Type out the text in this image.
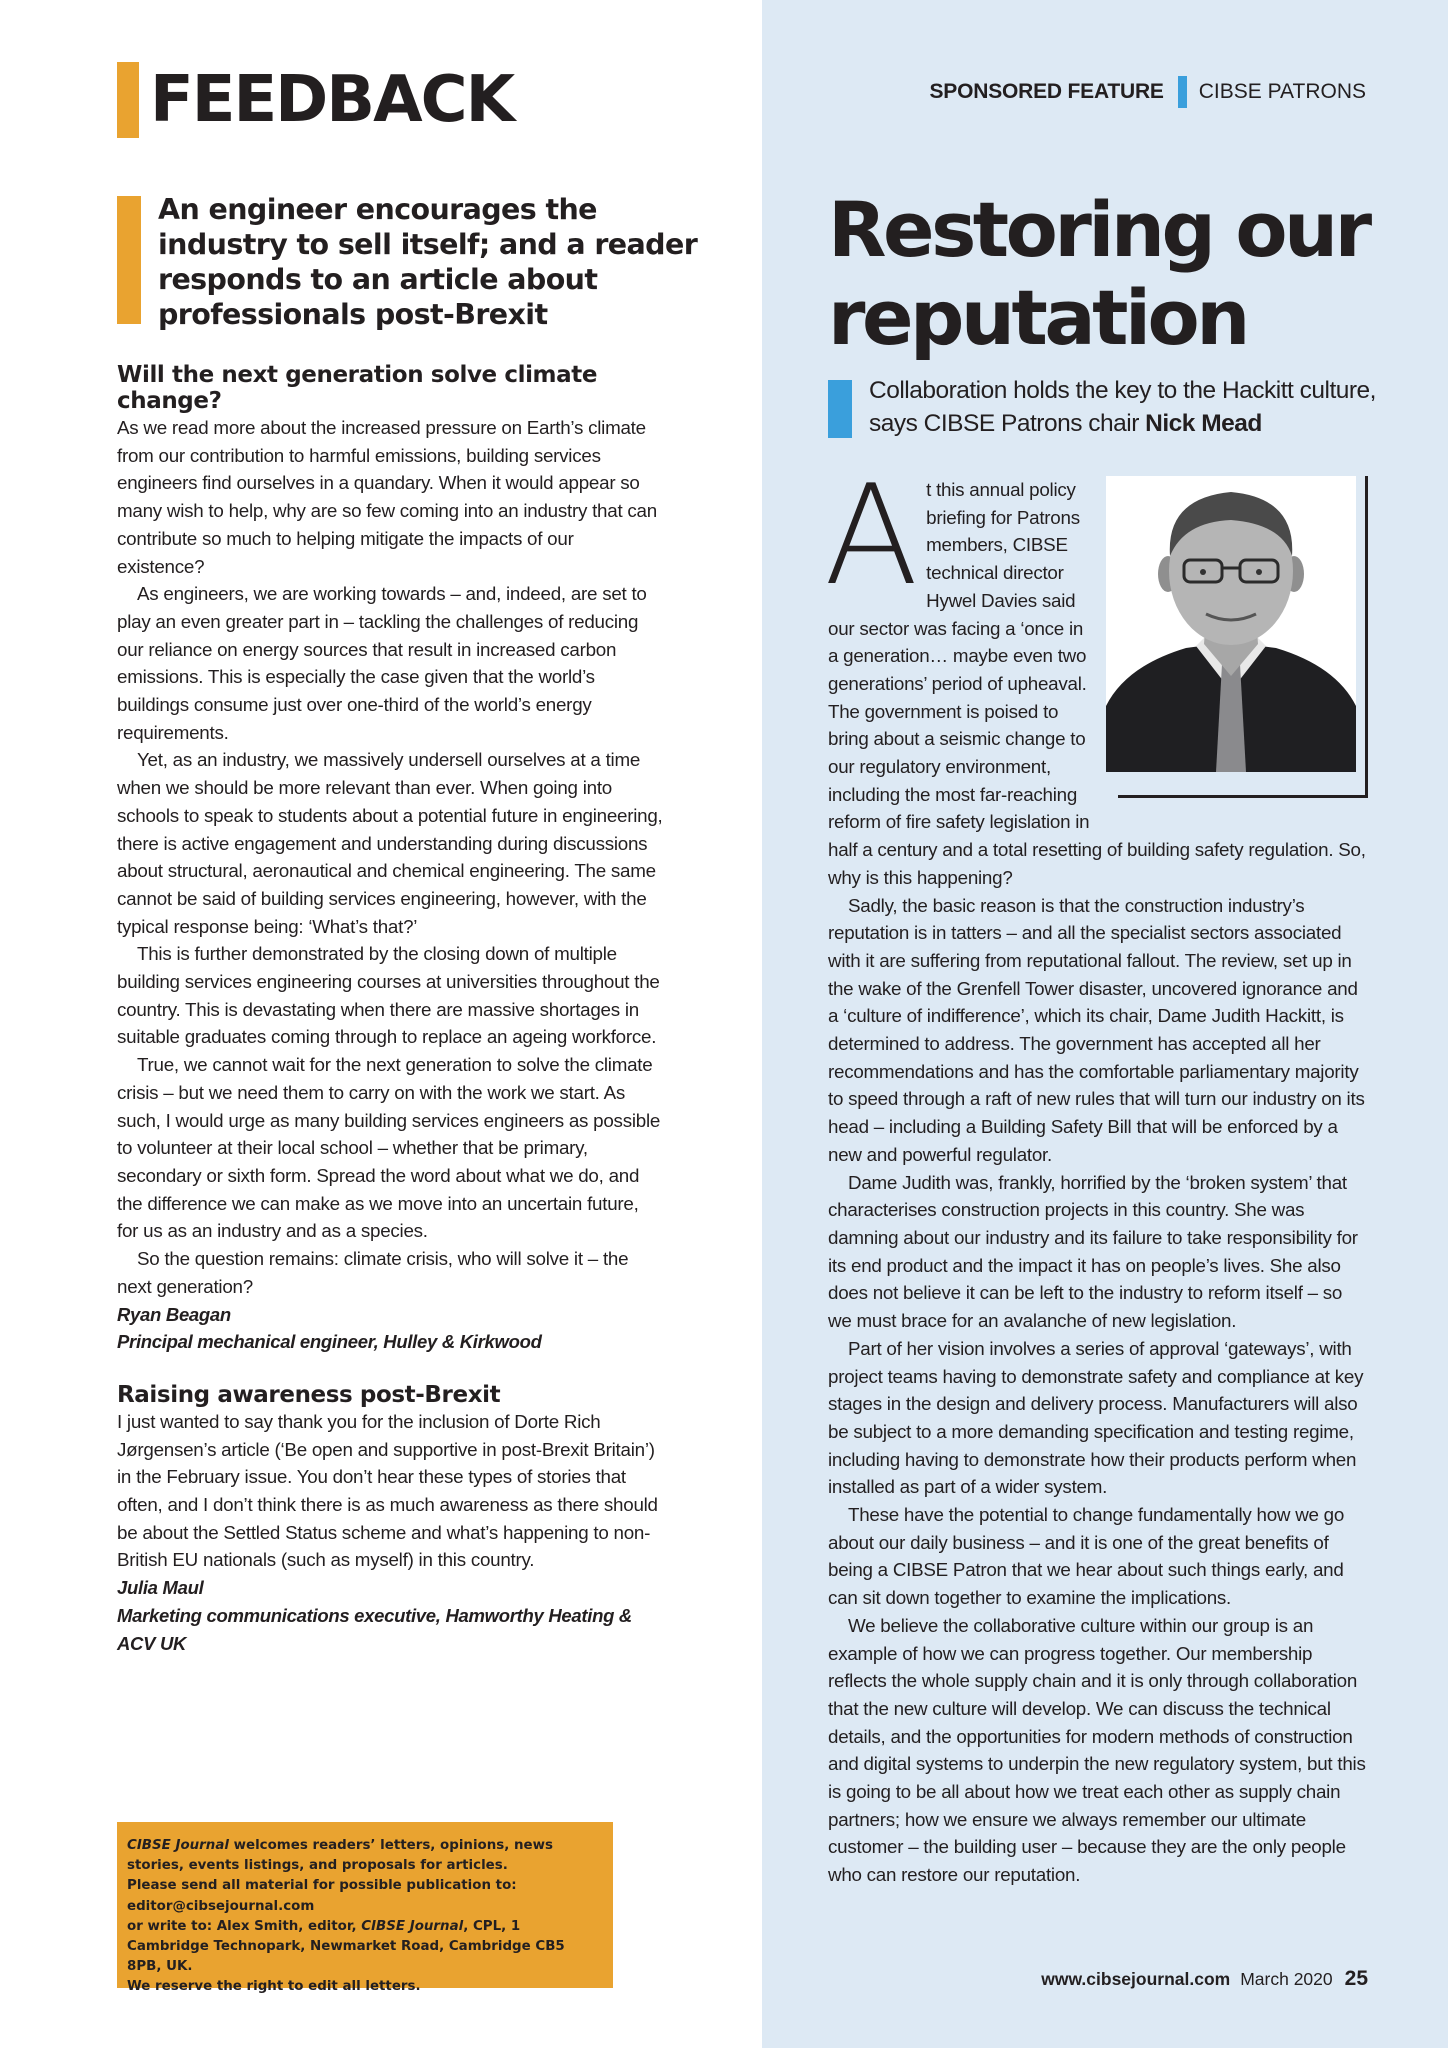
FEEDBACK
An engineer encourages the industry to sell itself; and a reader responds to an article about professionals post-Brexit
Will the next generation solve climate change?

As we read more about the increased pressure on Earth’s climate from our contribution to harmful emissions, building services engineers find ourselves in a quandary. When it would appear so many wish to help, why are so few coming into an industry that can contribute so much to helping mitigate the impacts of our existence?

As engineers, we are working towards – and, indeed, are set to play an even greater part in – tackling the challenges of reducing our reliance on energy sources that result in increased carbon emissions. This is especially the case given that the world’s buildings consume just over one-third of the world’s energy requirements.

Yet, as an industry, we massively undersell ourselves at a time when we should be more relevant than ever. When going into schools to speak to students about a potential future in engineering, there is active engagement and understanding during discussions about structural, aeronautical and chemical engineering. The same cannot be said of building services engineering, however, with the typical response being: ‘What’s that?’

This is further demonstrated by the closing down of multiple building services engineering courses at universities throughout the country. This is devastating when there are massive shortages in suitable graduates coming through to replace an ageing workforce.

True, we cannot wait for the next generation to solve the climate crisis – but we need them to carry on with the work we start. As such, I would urge as many building services engineers as possible to volunteer at their local school – whether that be primary, secondary or sixth form. Spread the word about what we do, and the difference we can make as we move into an uncertain future, for us as an industry and as a species.

So the question remains: climate crisis, who will solve it – the next generation?

Ryan Beagan

Principal mechanical engineer, Hulley & Kirkwood

Raising awareness post-Brexit

I just wanted to say thank you for the inclusion of Dorte Rich Jørgensen’s article (‘Be open and supportive in post-Brexit Britain’) in the February issue. You don’t hear these types of stories that often, and I don’t think there is as much awareness as there should be about the Settled Status scheme and what’s happening to non-British EU nationals (such as myself) in this country.

Julia Maul

Marketing communications executive, Hamworthy Heating & ACV UK

CIBSE Journal welcomes readers’ letters, opinions, news stories, events listings, and proposals for articles.

Please send all material for possible publication to:

editor@cibsejournal.com

or write to: Alex Smith, editor, CIBSE Journal, CPL, 1 Cambridge Technopark, Newmarket Road, Cambridge CB5 8PB, UK.

We reserve the right to edit all letters.

SPONSORED FEATURE CIBSE PATRONS
Restoring our reputation
Collaboration holds the key to the Hackitt culture, says CIBSE Patrons chair Nick Mead

At this annual policy briefing for Patrons members, CIBSE technical director Hywel Davies said our sector was facing a ‘once in a generation… maybe even two generations’ period of upheaval. The government is poised to bring about a seismic change to our regulatory environment, including the most far-reaching reform of fire safety legislation in half a century and a total resetting of building safety regulation. So, why is this happening?

Sadly, the basic reason is that the construction industry’s reputation is in tatters – and all the specialist sectors associated with it are suffering from reputational fallout. The review, set up in the wake of the Grenfell Tower disaster, uncovered ignorance and a ‘culture of indifference’, which its chair, Dame Judith Hackitt, is determined to address. The government has accepted all her recommendations and has the comfortable parliamentary majority to speed through a raft of new rules that will turn our industry on its head – including a Building Safety Bill that will be enforced by a new and powerful regulator.

Dame Judith was, frankly, horrified by the ‘broken system’ that characterises construction projects in this country. She was damning about our industry and its failure to take responsibility for its end product and the impact it has on people’s lives. She also does not believe it can be left to the industry to reform itself – so we must brace for an avalanche of new legislation.

Part of her vision involves a series of approval ‘gateways’, with project teams having to demonstrate safety and compliance at key stages in the design and delivery process. Manufacturers will also be subject to a more demanding specification and testing regime, including having to demonstrate how their products perform when installed as part of a wider system.

These have the potential to change fundamentally how we go about our daily business – and it is one of the great benefits of being a CIBSE Patron that we hear about such things early, and can sit down together to examine the implications.

We believe the collaborative culture within our group is an example of how we can progress together. Our membership reflects the whole supply chain and it is only through collaboration that the new culture will develop. We can discuss the technical details, and the opportunities for modern methods of construction and digital systems to underpin the new regulatory system, but this is going to be all about how we treat each other as supply chain partners; how we ensure we always remember our ultimate customer – the building user – because they are the only people who can restore our reputation.

www.cibsejournal.com March 2020 25
